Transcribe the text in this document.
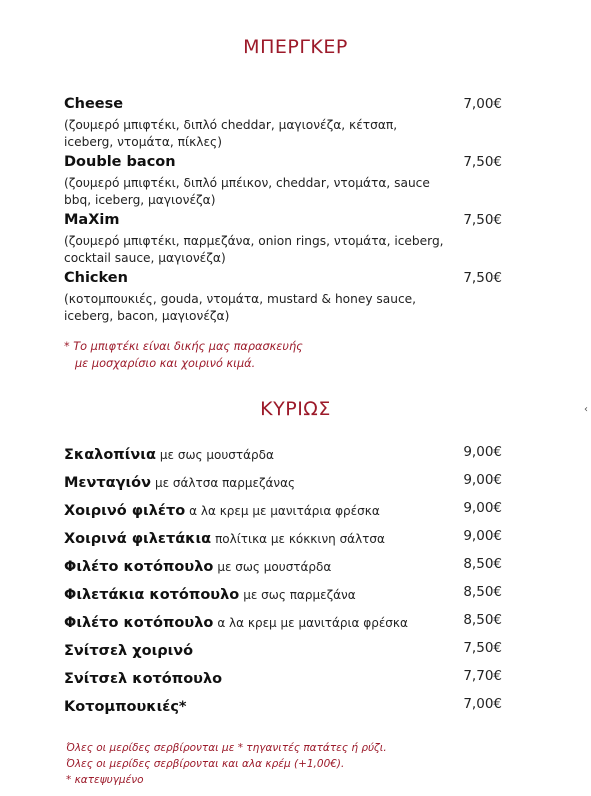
ΜΠΕΡΓΚΕΡ
Cheese	7,00€
(ζουμερό μπιφτέκι, διπλό cheddar, μαγιονέζα, κέτσαπ, iceberg, ντομάτα, πίκλες)
Double bacon	7,50€
(ζουμερό μπιφτέκι, διπλό μπέικον, cheddar, ντομάτα, sauce bbq, iceberg, μαγιονέζα)
MaXim	7,50€
(ζουμερό μπιφτέκι, παρμεζάνα, onion rings, ντομάτα, iceberg, cocktail sauce, μαγιονέζα)
Chicken	7,50€
(κοτομπουκιές, gouda, ντομάτα, mustard & honey sauce, iceberg, bacon, μαγιονέζα)
* Το μπιφτέκι είναι δικής μας παρασκευής
με μοσχαρίσιο και χοιρινό κιμά.
ΚΥΡΙΩΣ	‹
Σκαλοπίνια με σως μουστάρδα	9,00€
Μενταγιόν με σάλτσα παρμεζάνας	9,00€
Χοιρινό φιλέτο α λα κρεμ με μανιτάρια φρέσκα	9,00€
Χοιρινά φιλετάκια πολίτικα με κόκκινη σάλτσα	9,00€
Φιλέτο κοτόπουλο με σως μουστάρδα	8,50€
Φιλετάκια κοτόπουλο με σως παρμεζάνα	8,50€
Φιλέτο κοτόπουλο α λα κρεμ με μανιτάρια φρέσκα	8,50€
Σνίτσελ χοιρινό	7,50€
Σνίτσελ κοτόπουλο	7,70€
Κοτομπουκιές*	7,00€
Όλες οι μερίδες σερβίρονται με * τηγανιτές πατάτες ή ρύζι.
Όλες οι μερίδες σερβίρονται και αλα κρέμ (+1,00€).
* κατεψυγμένο
